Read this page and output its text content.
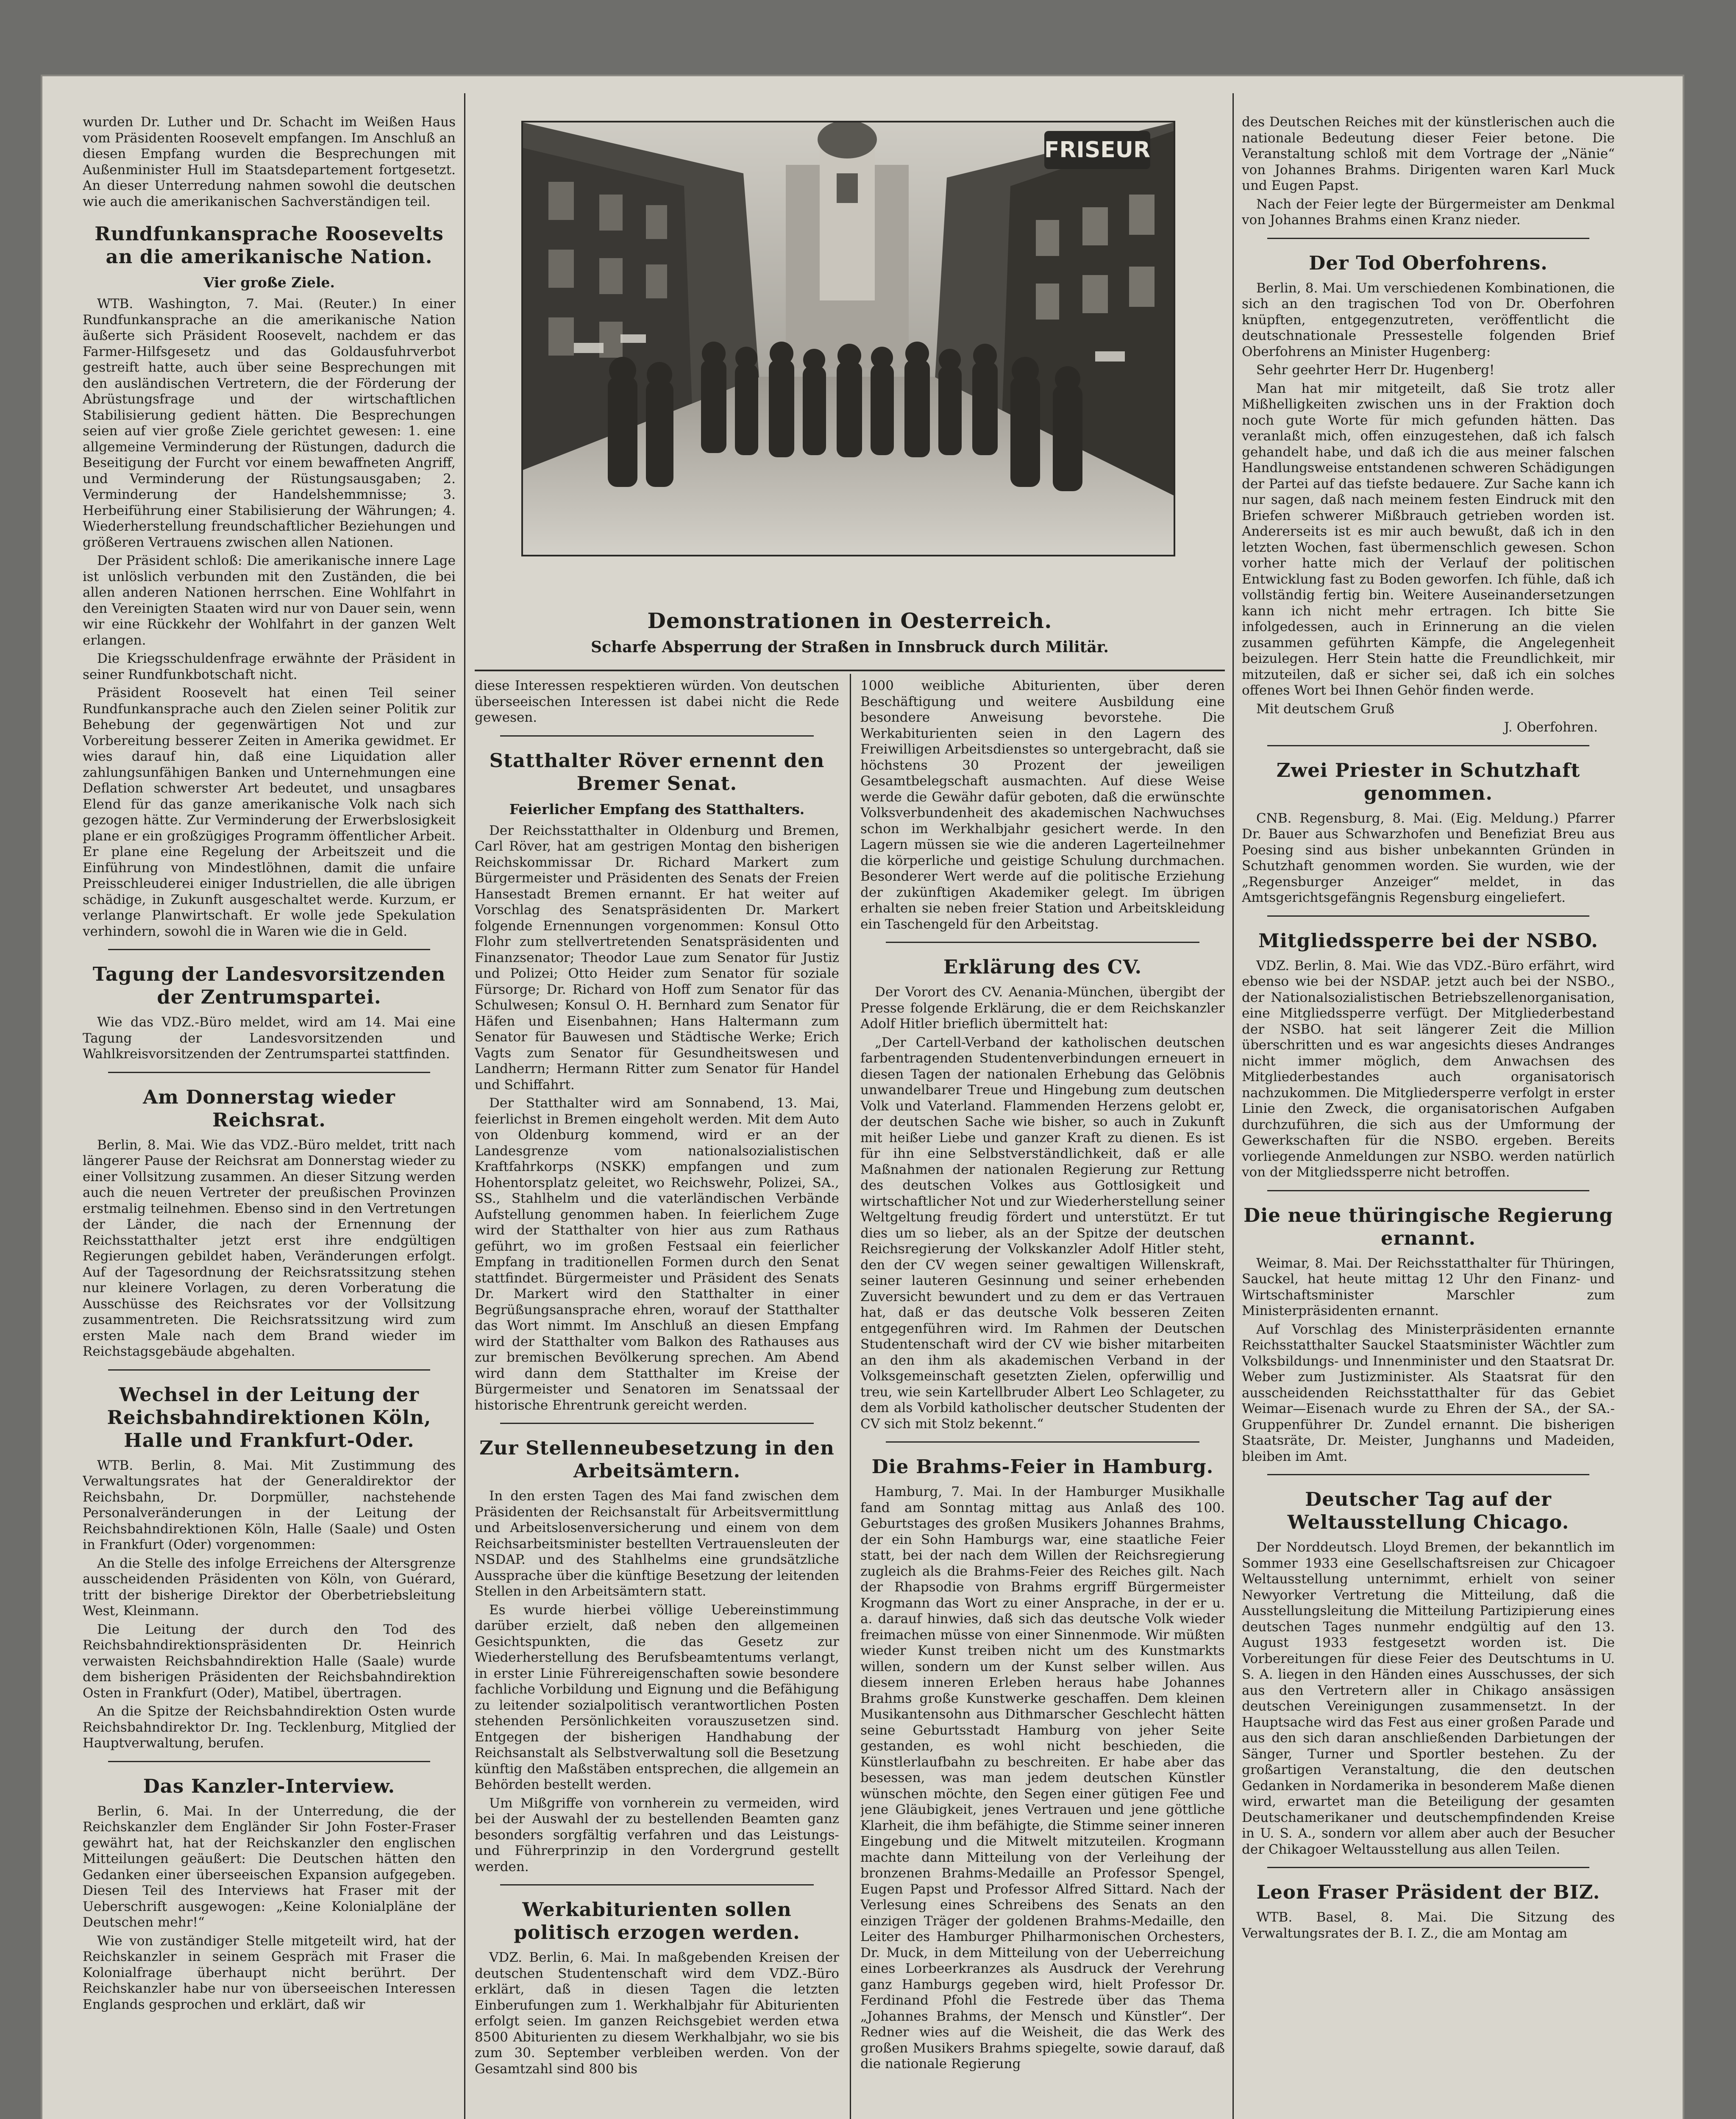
FRISEUR
Demonstrationen in Oesterreich.
Scharfe Absperrung der Straßen in Innsbruck durch Militär.

wurden Dr. Luther und Dr. Schacht im Weißen Haus vom Präsidenten Roosevelt empfangen. Im Anschluß an diesen Empfang wurden die Besprechungen mit Außenminister Hull im Staatsdepartement fortgesetzt. An dieser Unterredung nahmen sowohl die deutschen wie auch die amerikanischen Sachverständigen teil.

Rundfunkansprache Roosevelts an die amerikanische Nation.
Vier große Ziele.

WTB. Washington, 7. Mai. (Reuter.) In einer Rundfunkansprache an die amerikanische Nation äußerte sich Präsident Roosevelt, nachdem er das Farmer-Hilfsgesetz und das Goldausfuhrverbot gestreift hatte, auch über seine Besprechungen mit den ausländischen Vertretern, die der Förderung der Abrüstungsfrage und der wirtschaftlichen Stabilisierung gedient hätten. Die Besprechungen seien auf vier große Ziele gerichtet gewesen: 1. eine allgemeine Verminderung der Rüstungen, dadurch die Beseitigung der Furcht vor einem bewaffneten Angriff, und Verminderung der Rüstungsausgaben; 2. Verminderung der Handelshemmnisse; 3. Herbeiführung einer Stabilisierung der Währungen; 4. Wiederherstellung freundschaftlicher Beziehungen und größeren Vertrauens zwischen allen Nationen.

Der Präsident schloß: Die amerikanische innere Lage ist unlöslich verbunden mit den Zuständen, die bei allen anderen Nationen herrschen. Eine Wohlfahrt in den Vereinigten Staaten wird nur von Dauer sein, wenn wir eine Rückkehr der Wohlfahrt in der ganzen Welt erlangen.

Die Kriegsschuldenfrage erwähnte der Präsident in seiner Rundfunkbotschaft nicht.

Präsident Roosevelt hat einen Teil seiner Rundfunkansprache auch den Zielen seiner Politik zur Behebung der gegenwärtigen Not und zur Vorbereitung besserer Zeiten in Amerika gewidmet. Er wies darauf hin, daß eine Liquidation aller zahlungsunfähigen Banken und Unternehmungen eine Deflation schwerster Art bedeutet, und unsagbares Elend für das ganze amerikanische Volk nach sich gezogen hätte. Zur Verminderung der Erwerbslosigkeit plane er ein großzügiges Programm öffentlicher Arbeit. Er plane eine Regelung der Arbeitszeit und die Einführung von Mindestlöhnen, damit die unfaire Preisschleuderei einiger Industriellen, die alle übrigen schädige, in Zukunft ausgeschaltet werde. Kurzum, er verlange Planwirtschaft. Er wolle jede Spekulation verhindern, sowohl die in Waren wie die in Geld.

Tagung der Landesvorsitzenden der Zentrumspartei.

Wie das VDZ.-Büro meldet, wird am 14. Mai eine Tagung der Landesvorsitzenden und Wahlkreisvorsitzenden der Zentrumspartei stattfinden.

Am Donnerstag wieder Reichsrat.

Berlin, 8. Mai. Wie das VDZ.-Büro meldet, tritt nach längerer Pause der Reichsrat am Donnerstag wieder zu einer Vollsitzung zusammen. An dieser Sitzung werden auch die neuen Vertreter der preußischen Provinzen erstmalig teilnehmen. Ebenso sind in den Vertretungen der Länder, die nach der Ernennung der Reichsstatthalter jetzt erst ihre endgültigen Regierungen gebildet haben, Veränderungen erfolgt. Auf der Tagesordnung der Reichsratssitzung stehen nur kleinere Vorlagen, zu deren Vorberatung die Ausschüsse des Reichsrates vor der Vollsitzung zusammentreten. Die Reichsratssitzung wird zum ersten Male nach dem Brand wieder im Reichstagsgebäude abgehalten.

Wechsel in der Leitung der Reichsbahndirektionen Köln, Halle und Frankfurt-Oder.

WTB. Berlin, 8. Mai. Mit Zustimmung des Verwaltungsrates hat der Generaldirektor der Reichsbahn, Dr. Dorpmüller, nachstehende Personalveränderungen in der Leitung der Reichsbahndirektionen Köln, Halle (Saale) und Osten in Frankfurt (Oder) vorgenommen:

An die Stelle des infolge Erreichens der Altersgrenze ausscheidenden Präsidenten von Köln, von Guérard, tritt der bisherige Direktor der Oberbetriebsleitung West, Kleinmann.

Die Leitung der durch den Tod des Reichsbahndirektionspräsidenten Dr. Heinrich verwaisten Reichsbahndirektion Halle (Saale) wurde dem bisherigen Präsidenten der Reichsbahndirektion Osten in Frankfurt (Oder), Matibel, übertragen.

An die Spitze der Reichsbahndirektion Osten wurde Reichsbahndirektor Dr. Ing. Tecklenburg, Mitglied der Hauptverwaltung, berufen.

Das Kanzler-Interview.

Berlin, 6. Mai. In der Unterredung, die der Reichskanzler dem Engländer Sir John Foster-Fraser gewährt hat, hat der Reichskanzler den englischen Mitteilungen geäußert: Die Deutschen hätten den Gedanken einer überseeischen Expansion aufgegeben. Diesen Teil des Interviews hat Fraser mit der Ueberschrift ausgewogen: „Keine Kolonialpläne der Deutschen mehr!“

Wie von zuständiger Stelle mitgeteilt wird, hat der Reichskanzler in seinem Gespräch mit Fraser die Kolonialfrage überhaupt nicht berührt. Der Reichskanzler habe nur von überseeischen Interessen Englands gesprochen und erklärt, daß wir

diese Interessen respektieren würden. Von deutschen überseeischen Interessen ist dabei nicht die Rede gewesen.

Statthalter Röver ernennt den Bremer Senat.
Feierlicher Empfang des Statthalters.

Der Reichsstatthalter in Oldenburg und Bremen, Carl Röver, hat am gestrigen Montag den bisherigen Reichskommissar Dr. Richard Markert zum Bürgermeister und Präsidenten des Senats der Freien Hansestadt Bremen ernannt. Er hat weiter auf Vorschlag des Senatspräsidenten Dr. Markert folgende Ernennungen vorgenommen: Konsul Otto Flohr zum stellvertretenden Senatspräsidenten und Finanzsenator; Theodor Laue zum Senator für Justiz und Polizei; Otto Heider zum Senator für soziale Fürsorge; Dr. Richard von Hoff zum Senator für das Schulwesen; Konsul O. H. Bernhard zum Senator für Häfen und Eisenbahnen; Hans Haltermann zum Senator für Bauwesen und Städtische Werke; Erich Vagts zum Senator für Gesundheitswesen und Landherrn; Hermann Ritter zum Senator für Handel und Schiffahrt.

Der Statthalter wird am Sonnabend, 13. Mai, feierlichst in Bremen eingeholt werden. Mit dem Auto von Oldenburg kommend, wird er an der Landesgrenze vom nationalsozialistischen Kraftfahrkorps (NSKK) empfangen und zum Hohentorsplatz geleitet, wo Reichswehr, Polizei, SA., SS., Stahlhelm und die vaterländischen Verbände Aufstellung genommen haben. In feierlichem Zuge wird der Statthalter von hier aus zum Rathaus geführt, wo im großen Festsaal ein feierlicher Empfang in traditionellen Formen durch den Senat stattfindet. Bürgermeister und Präsident des Senats Dr. Markert wird den Statthalter in einer Begrüßungsansprache ehren, worauf der Statthalter das Wort nimmt. Im Anschluß an diesen Empfang wird der Statthalter vom Balkon des Rathauses aus zur bremischen Bevölkerung sprechen. Am Abend wird dann dem Statthalter im Kreise der Bürgermeister und Senatoren im Senatssaal der historische Ehrentrunk gereicht werden.

Zur Stellenneubesetzung in den Arbeitsämtern.

In den ersten Tagen des Mai fand zwischen dem Präsidenten der Reichsanstalt für Arbeitsvermittlung und Arbeitslosenversicherung und einem von dem Reichsarbeitsminister bestellten Vertrauensleuten der NSDAP. und des Stahlhelms eine grundsätzliche Aussprache über die künftige Besetzung der leitenden Stellen in den Arbeitsämtern statt.

Es wurde hierbei völlige Uebereinstimmung darüber erzielt, daß neben den allgemeinen Gesichtspunkten, die das Gesetz zur Wiederherstellung des Berufsbeamtentums verlangt, in erster Linie Führereigenschaften sowie besondere fachliche Vorbildung und Eignung und die Befähigung zu leitender sozialpolitisch verantwortlichen Posten stehenden Persönlichkeiten vorauszusetzen sind. Entgegen der bisherigen Handhabung der Reichsanstalt als Selbstverwaltung soll die Besetzung künftig den Maßstäben entsprechen, die allgemein an Behörden bestellt werden.

Um Mißgriffe von vornherein zu vermeiden, wird bei der Auswahl der zu bestellenden Beamten ganz besonders sorgfältig verfahren und das Leistungs- und Führerprinzip in den Vordergrund gestellt werden.

Werkabiturienten sollen politisch erzogen werden.

VDZ. Berlin, 6. Mai. In maßgebenden Kreisen der deutschen Studentenschaft wird dem VDZ.-Büro erklärt, daß in diesen Tagen die letzten Einberufungen zum 1. Werkhalbjahr für Abiturienten erfolgt seien. Im ganzen Reichsgebiet werden etwa 8500 Abiturienten zu diesem Werkhalbjahr, wo sie bis zum 30. September verbleiben werden. Von der Gesamtzahl sind 800 bis

1000 weibliche Abiturienten, über deren Beschäftigung und weitere Ausbildung eine besondere Anweisung bevorstehe. Die Werkabiturienten seien in den Lagern des Freiwilligen Arbeitsdienstes so untergebracht, daß sie höchstens 30 Prozent der jeweiligen Gesamtbelegschaft ausmachten. Auf diese Weise werde die Gewähr dafür geboten, daß die erwünschte Volksverbundenheit des akademischen Nachwuchses schon im Werkhalbjahr gesichert werde. In den Lagern müssen sie wie die anderen Lagerteilnehmer die körperliche und geistige Schulung durchmachen. Besonderer Wert werde auf die politische Erziehung der zukünftigen Akademiker gelegt. Im übrigen erhalten sie neben freier Station und Arbeitskleidung ein Taschengeld für den Arbeitstag.

Erklärung des CV.

Der Vorort des CV. Aenania-München, übergibt der Presse folgende Erklärung, die er dem Reichskanzler Adolf Hitler brieflich übermittelt hat:

„Der Cartell-Verband der katholischen deutschen farbentragenden Studentenverbindungen erneuert in diesen Tagen der nationalen Erhebung das Gelöbnis unwandelbarer Treue und Hingebung zum deutschen Volk und Vaterland. Flammenden Herzens gelobt er, der deutschen Sache wie bisher, so auch in Zukunft mit heißer Liebe und ganzer Kraft zu dienen. Es ist für ihn eine Selbstverständlichkeit, daß er alle Maßnahmen der nationalen Regierung zur Rettung des deutschen Volkes aus Gottlosigkeit und wirtschaftlicher Not und zur Wiederherstellung seiner Weltgeltung freudig fördert und unterstützt. Er tut dies um so lieber, als an der Spitze der deutschen Reichsregierung der Volkskanzler Adolf Hitler steht, den der CV wegen seiner gewaltigen Willenskraft, seiner lauteren Gesinnung und seiner erhebenden Zuversicht bewundert und zu dem er das Vertrauen hat, daß er das deutsche Volk besseren Zeiten entgegenführen wird. Im Rahmen der Deutschen Studentenschaft wird der CV wie bisher mitarbeiten an den ihm als akademischen Verband in der Volksgemeinschaft gesetzten Zielen, opferwillig und treu, wie sein Kartellbruder Albert Leo Schlageter, zu dem als Vorbild katholischer deutscher Studenten der CV sich mit Stolz bekennt.“

Die Brahms-Feier in Hamburg.

Hamburg, 7. Mai. In der Hamburger Musikhalle fand am Sonntag mittag aus Anlaß des 100. Geburtstages des großen Musikers Johannes Brahms, der ein Sohn Hamburgs war, eine staatliche Feier statt, bei der nach dem Willen der Reichsregierung zugleich als die Brahms-Feier des Reiches gilt. Nach der Rhapsodie von Brahms ergriff Bürgermeister Krogmann das Wort zu einer Ansprache, in der er u. a. darauf hinwies, daß sich das deutsche Volk wieder freimachen müsse von einer Sinnenmode. Wir müßten wieder Kunst treiben nicht um des Kunstmarkts willen, sondern um der Kunst selber willen. Aus diesem inneren Erleben heraus habe Johannes Brahms große Kunstwerke geschaffen. Dem kleinen Musikantensohn aus Dithmarscher Geschlecht hätten seine Geburtsstadt Hamburg von jeher Seite gestanden, es wohl nicht beschieden, die Künstlerlaufbahn zu beschreiten. Er habe aber das besessen, was man jedem deutschen Künstler wünschen möchte, den Segen einer gütigen Fee und jene Gläubigkeit, jenes Vertrauen und jene göttliche Klarheit, die ihm befähigte, die Stimme seiner inneren Eingebung und die Mitwelt mitzuteilen. Krogmann machte dann Mitteilung von der Verleihung der bronzenen Brahms-Medaille an Professor Spengel, Eugen Papst und Professor Alfred Sittard. Nach der Verlesung eines Schreibens des Senats an den einzigen Träger der goldenen Brahms-Medaille, den Leiter des Hamburger Philharmonischen Orchesters, Dr. Muck, in dem Mitteilung von der Ueberreichung eines Lorbeerkranzes als Ausdruck der Verehrung ganz Hamburgs gegeben wird, hielt Professor Dr. Ferdinand Pfohl die Festrede über das Thema „Johannes Brahms, der Mensch und Künstler“. Der Redner wies auf die Weisheit, die das Werk des großen Musikers Brahms spiegelte, sowie darauf, daß die nationale Regierung

des Deutschen Reiches mit der künstlerischen auch die nationale Bedeutung dieser Feier betone. Die Veranstaltung schloß mit dem Vortrage der „Nänie“ von Johannes Brahms. Dirigenten waren Karl Muck und Eugen Papst.

Nach der Feier legte der Bürgermeister am Denkmal von Johannes Brahms einen Kranz nieder.

Der Tod Oberfohrens.

Berlin, 8. Mai. Um verschiedenen Kombinationen, die sich an den tragischen Tod von Dr. Oberfohren knüpften, entgegenzutreten, veröffentlicht die deutschnationale Pressestelle folgenden Brief Oberfohrens an Minister Hugenberg:

Sehr geehrter Herr Dr. Hugenberg!

Man hat mir mitgeteilt, daß Sie trotz aller Mißhelligkeiten zwischen uns in der Fraktion doch noch gute Worte für mich gefunden hätten. Das veranlaßt mich, offen einzugestehen, daß ich falsch gehandelt habe, und daß ich die aus meiner falschen Handlungsweise entstandenen schweren Schädigungen der Partei auf das tiefste bedauere. Zur Sache kann ich nur sagen, daß nach meinem festen Eindruck mit den Briefen schwerer Mißbrauch getrieben worden ist. Andererseits ist es mir auch bewußt, daß ich in den letzten Wochen, fast übermenschlich gewesen. Schon vorher hatte mich der Verlauf der politischen Entwicklung fast zu Boden geworfen. Ich fühle, daß ich vollständig fertig bin. Weitere Auseinandersetzungen kann ich nicht mehr ertragen. Ich bitte Sie infolgedessen, auch in Erinnerung an die vielen zusammen geführten Kämpfe, die Angelegenheit beizulegen. Herr Stein hatte die Freundlichkeit, mir mitzuteilen, daß er sicher sei, daß ich ein solches offenes Wort bei Ihnen Gehör finden werde.

Mit deutschem Gruß

J. Oberfohren.

Zwei Priester in Schutzhaft genommen.

CNB. Regensburg, 8. Mai. (Eig. Meldung.) Pfarrer Dr. Bauer aus Schwarzhofen und Benefiziat Breu aus Poesing sind aus bisher unbekannten Gründen in Schutzhaft genommen worden. Sie wurden, wie der „Regensburger Anzeiger“ meldet, in das Amtsgerichtsgefängnis Regensburg eingeliefert.

Mitgliedssperre bei der NSBO.

VDZ. Berlin, 8. Mai. Wie das VDZ.-Büro erfährt, wird ebenso wie bei der NSDAP. jetzt auch bei der NSBO., der Nationalsozialistischen Betriebszellenorganisation, eine Mitgliedssperre verfügt. Der Mitgliederbestand der NSBO. hat seit längerer Zeit die Million überschritten und es war angesichts dieses Andranges nicht immer möglich, dem Anwachsen des Mitgliederbestandes auch organisatorisch nachzukommen. Die Mitgliedersperre verfolgt in erster Linie den Zweck, die organisatorischen Aufgaben durchzuführen, die sich aus der Umformung der Gewerkschaften für die NSBO. ergeben. Bereits vorliegende Anmeldungen zur NSBO. werden natürlich von der Mitgliedssperre nicht betroffen.

Die neue thüringische Regierung ernannt.

Weimar, 8. Mai. Der Reichsstatthalter für Thüringen, Sauckel, hat heute mittag 12 Uhr den Finanz- und Wirtschaftsminister Marschler zum Ministerpräsidenten ernannt.

Auf Vorschlag des Ministerpräsidenten ernannte Reichsstatthalter Sauckel Staatsminister Wächtler zum Volksbildungs- und Innenminister und den Staatsrat Dr. Weber zum Justizminister. Als Staatsrat für den ausscheidenden Reichsstatthalter für das Gebiet Weimar—Eisenach wurde zu Ehren der SA., der SA.-Gruppenführer Dr. Zundel ernannt. Die bisherigen Staatsräte, Dr. Meister, Junghanns und Madeiden, bleiben im Amt.

Deutscher Tag auf der Weltausstellung Chicago.

Der Norddeutsch. Lloyd Bremen, der bekanntlich im Sommer 1933 eine Gesellschaftsreisen zur Chicagoer Weltausstellung unternimmt, erhielt von seiner Newyorker Vertretung die Mitteilung, daß die Ausstellungsleitung die Mitteilung Partizipierung eines deutschen Tages nunmehr endgültig auf den 13. August 1933 festgesetzt worden ist. Die Vorbereitungen für diese Feier des Deutschtums in U. S. A. liegen in den Händen eines Ausschusses, der sich aus den Vertretern aller in Chikago ansässigen deutschen Vereinigungen zusammensetzt. In der Hauptsache wird das Fest aus einer großen Parade und aus den sich daran anschließenden Darbietungen der Sänger, Turner und Sportler bestehen. Zu der großartigen Veranstaltung, die den deutschen Gedanken in Nordamerika in besonderem Maße dienen wird, erwartet man die Beteiligung der gesamten Deutschamerikaner und deutschempfindenden Kreise in U. S. A., sondern vor allem aber auch der Besucher der Chikagoer Weltausstellung aus allen Teilen.

Leon Fraser Präsident der BIZ.

WTB. Basel, 8. Mai. Die Sitzung des Verwaltungsrates der B. I. Z., die am Montag am
